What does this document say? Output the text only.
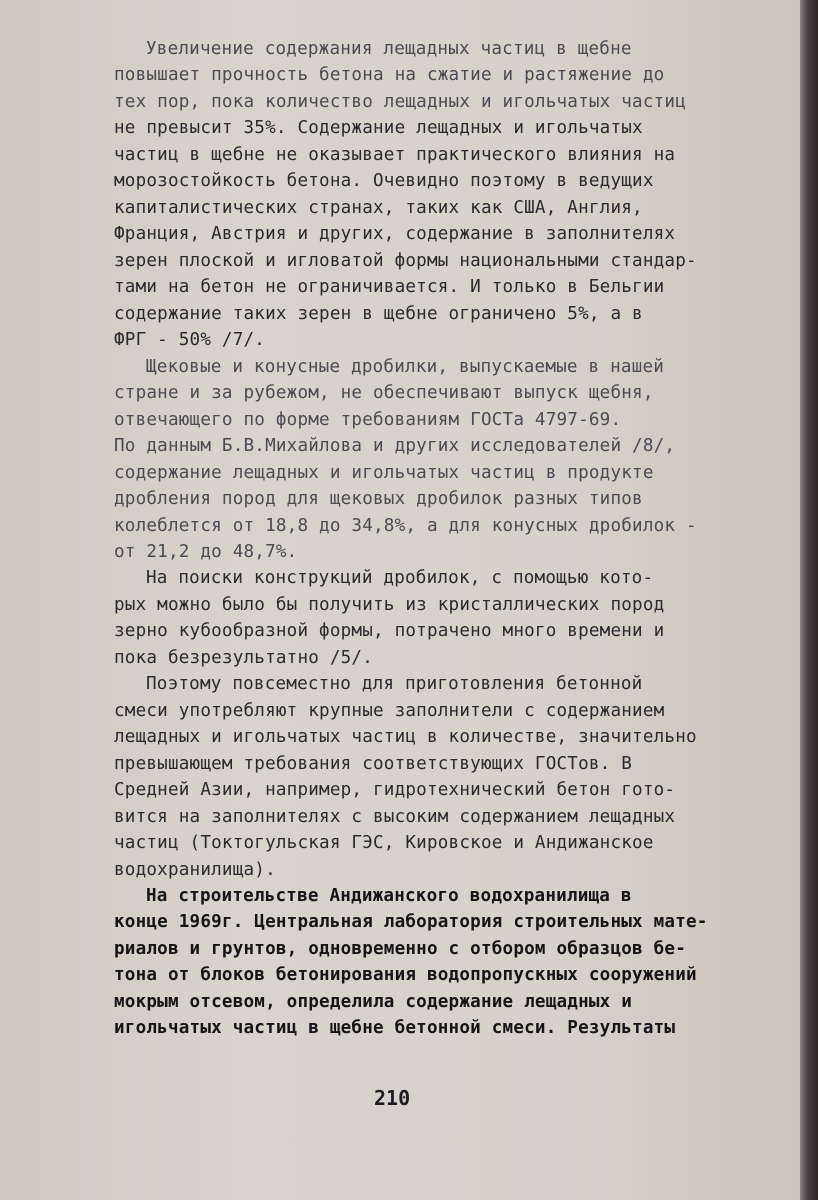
Увеличение содержания лещадных частиц в щебне
повышает прочность бетона на сжатие и растяжение до
тех пор, пока количество лещадных и игольчатых частиц
не превысит 35%. Содержание лещадных и игольчатых
частиц в щебне не оказывает практического влияния на
морозостойкость бетона. Очевидно поэтому в ведущих
капиталистических странах, таких как США, Англия,
Франция, Австрия и других, содержание в заполнителях
зерен плоской и игловатой формы национальными стандар-
тами на бетон не ограничивается. И только в Бельгии
содержание таких зерен в щебне ограничено 5%, а в
ФРГ - 50% /7/.
Щековые и конусные дробилки, выпускаемые в нашей
стране и за рубежом, не обеспечивают выпуск щебня,
отвечающего по форме требованиям ГОСТа 4797-69.
По данным Б.В.Михайлова и других исследователей /8/,
содержание лещадных и игольчатых частиц в продукте
дробления пород для щековых дробилок разных типов
колеблется от 18,8 до 34,8%, а для конусных дробилок -
от 21,2 до 48,7%.
На поиски конструкций дробилок, с помощью кото-
рых можно было бы получить из кристаллических пород
зерно кубообразной формы, потрачено много времени и
пока безрезультатно /5/.
Поэтому повсеместно для приготовления бетонной
смеси употребляют крупные заполнители с содержанием
лещадных и игольчатых частиц в количестве, значительно
превышающем требования соответствующих ГОСТов. В
Средней Азии, например, гидротехнический бетон гото-
вится на заполнителях с высоким содержанием лещадных
частиц (Токтогульская ГЭС, Кировское и Андижанское
водохранилища).
На строительстве Андижанского водохранилища в
конце 1969г. Центральная лаборатория строительных мате-
риалов и грунтов, одновременно с отбором образцов бе-
тона от блоков бетонирования водопропускных сооружений
мокрым отсевом, определила содержание лещадных и
игольчатых частиц в щебне бетонной смеси. Результаты
210
